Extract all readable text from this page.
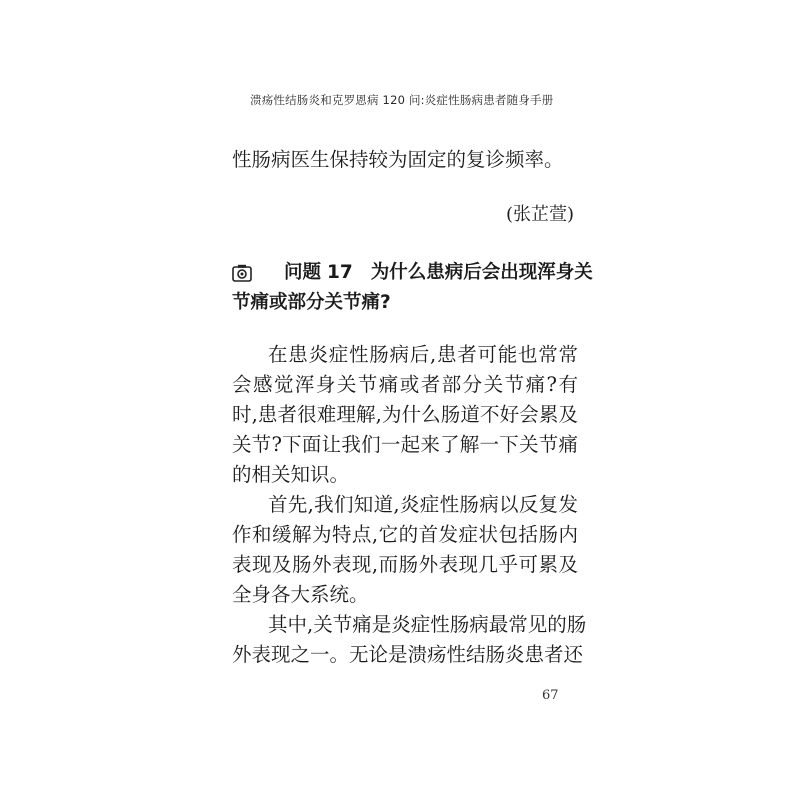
溃疡性结肠炎和克罗恩病 120 问:炎症性肠病患者随身手册
性肠病医生保持较为固定的复诊频率。
(张芷萱)
问题 17 为什么患病后会出现浑身关
节痛或部分关节痛?
在患炎症性肠病后,患者可能也常常
会感觉浑身关节痛或者部分关节痛?有
时,患者很难理解,为什么肠道不好会累及
关节?下面让我们一起来了解一下关节痛
的相关知识。
首先,我们知道,炎症性肠病以反复发
作和缓解为特点,它的首发症状包括肠内
表现及肠外表现,而肠外表现几乎可累及
全身各大系统。
其中,关节痛是炎症性肠病最常见的肠
外表现之一。无论是溃疡性结肠炎患者还
67
